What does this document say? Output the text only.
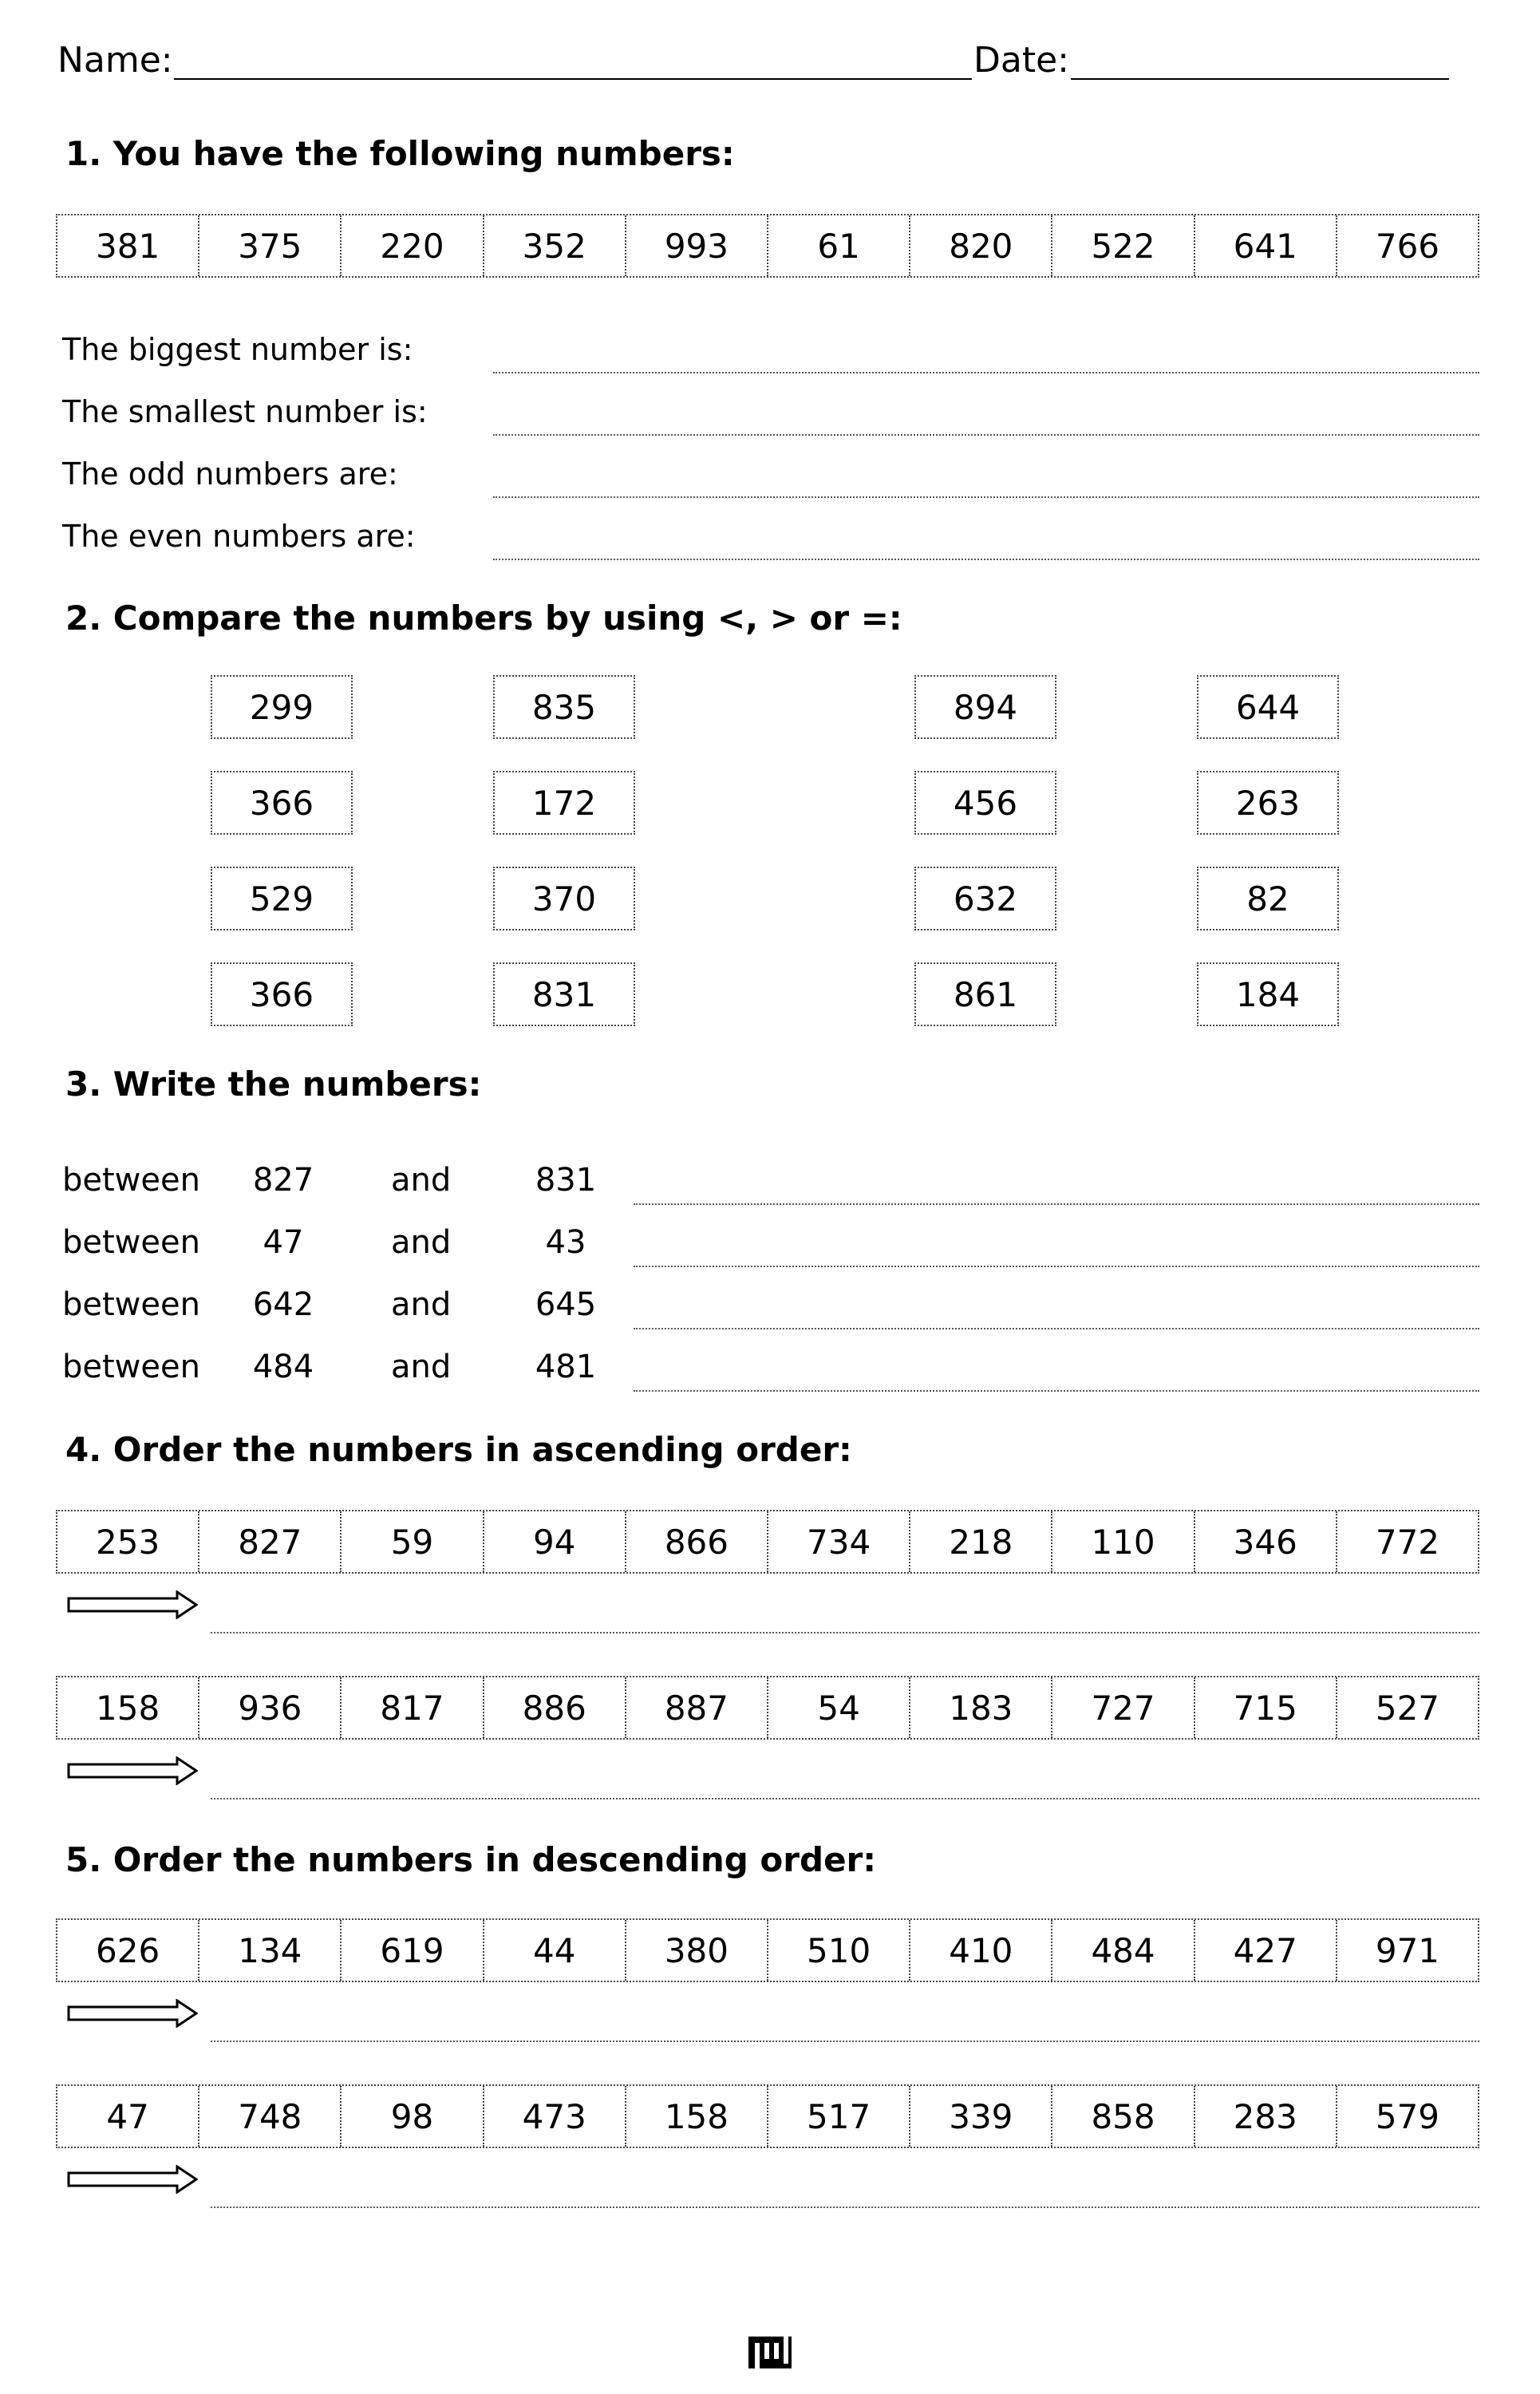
Name:	Date:
1. You have the following numbers:
381	375	220	352	993	61	820	522	641	766
The biggest number is:
The smallest number is:
The odd numbers are:
The even numbers are:
2. Compare the numbers by using <, > or =:
299	835	894	644
366	172	456	263
529	370	632	82
366	831	861	184
3. Write the numbers:
between	827	and	831
between	47	and	43
between	642	and	645
between	484	and	481
4. Order the numbers in ascending order:
253	827	59	94	866	734	218	110	346	772
158	936	817	886	887	54	183	727	715	527
5. Order the numbers in descending order:
626	134	619	44	380	510	410	484	427	971
47	748	98	473	158	517	339	858	283	579
